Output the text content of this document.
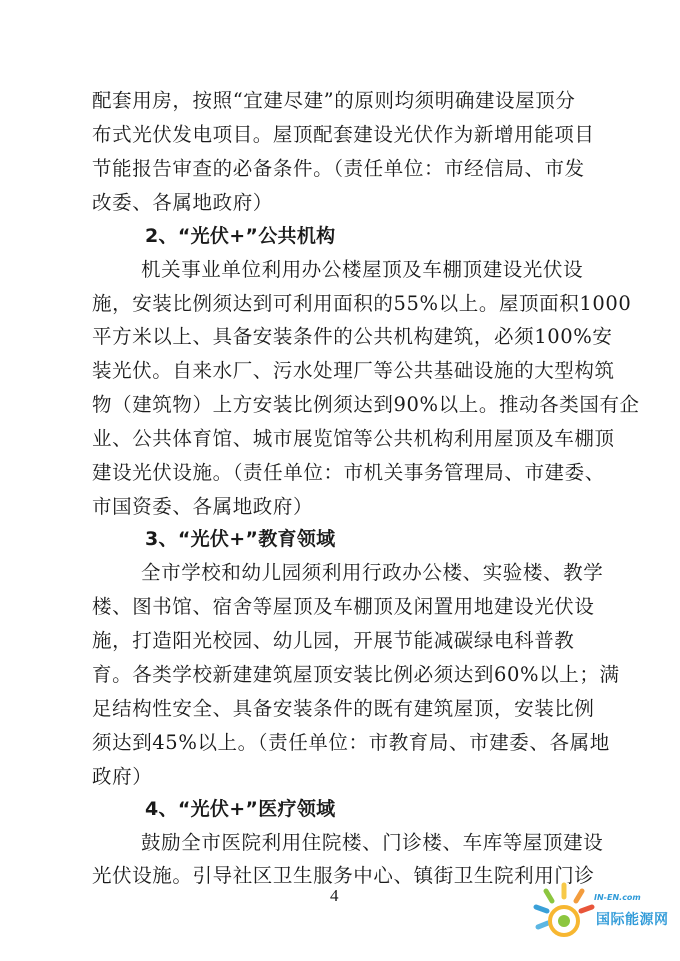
配套用房，按照“宜建尽建”的原则均须明确建设屋顶分
布式光伏发电项目。屋顶配套建设光伏作为新增用能项目
节能报告审查的必备条件。（责任单位：市经信局、市发
改委、各属地政府）
2、“光伏+”公共机构
机关事业单位利用办公楼屋顶及车棚顶建设光伏设
施，安装比例须达到可利用面积的55%以上。屋顶面积1000
平方米以上、具备安装条件的公共机构建筑，必须100%安
装光伏。自来水厂、污水处理厂等公共基础设施的大型构筑
物（建筑物）上方安装比例须达到90%以上。推动各类国有企
业、公共体育馆、城市展览馆等公共机构利用屋顶及车棚顶
建设光伏设施。（责任单位：市机关事务管理局、市建委、
市国资委、各属地政府）
3、“光伏+”教育领域
全市学校和幼儿园须利用行政办公楼、实验楼、教学
楼、图书馆、宿舍等屋顶及车棚顶及闲置用地建设光伏设
施，打造阳光校园、幼儿园，开展节能减碳绿电科普教
育。各类学校新建建筑屋顶安装比例必须达到60%以上；满
足结构性安全、具备安装条件的既有建筑屋顶，安装比例
须达到45%以上。（责任单位：市教育局、市建委、各属地
政府）
4、“光伏+”医疗领域
鼓励全市医院利用住院楼、门诊楼、车库等屋顶建设
光伏设施。引导社区卫生服务中心、镇街卫生院利用门诊
4	IN-EN.com
国际能源网
